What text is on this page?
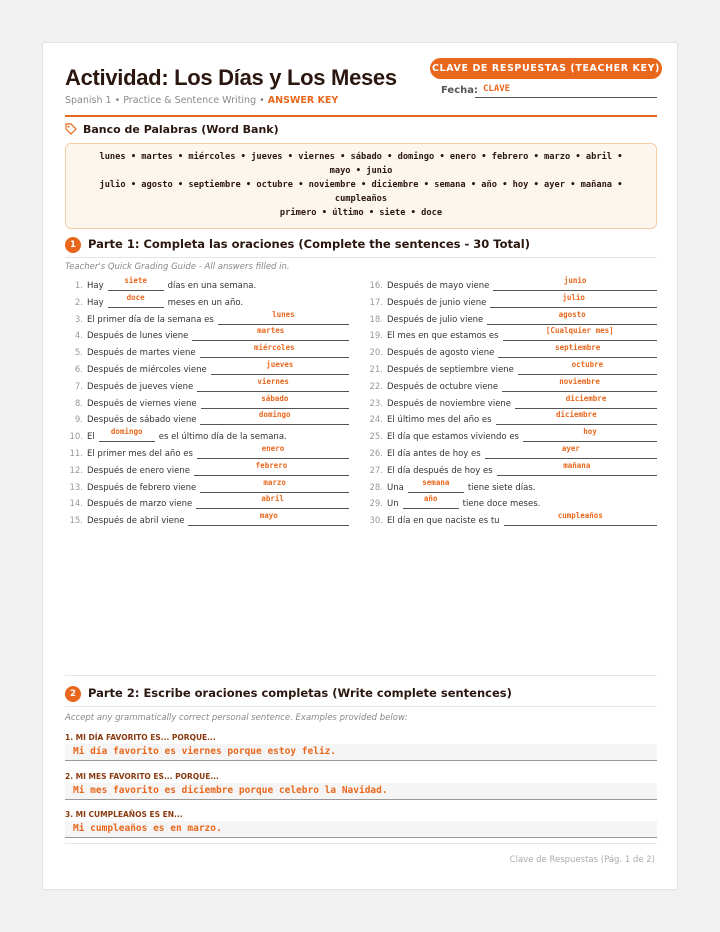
Actividad: Los Días y Los Meses
Spanish 1 • Practice & Sentence Writing • ANSWER KEY
CLAVE DE RESPUESTAS (TEACHER KEY)
Fecha: CLAVE
Banco de Palabras (Word Bank)
lunes • martes • miércoles • jueves • viernes • sábado • domingo • enero • febrero • marzo • abril •
mayo • junio
julio • agosto • septiembre • octubre • noviembre • diciembre • semana • año • hoy • ayer • mañana •
cumpleaños
primero • último • siete • doce
1 Parte 1: Completa las oraciones (Complete the sentences - 30 Total)
Teacher's Quick Grading Guide - All answers filled in.
1. Hay
siete
días en una semana.
2. Hay
doce
meses en un año.
3. El primer día de la semana es
lunes
4. Después de lunes viene
martes
5. Después de martes viene
miércoles
6. Después de miércoles viene
jueves
7. Después de jueves viene
viernes
8. Después de viernes viene
sábado
9. Después de sábado viene
domingo
10. El
domingo
es el último día de la semana.
11. El primer mes del año es
enero
12. Después de enero viene
febrero
13. Después de febrero viene
marzo
14. Después de marzo viene
abril
15. Después de abril viene
mayo
16. Después de mayo viene
junio
17. Después de junio viene
julio
18. Después de julio viene
agosto
19. El mes en que estamos es
[Cualquier mes]
20. Después de agosto viene
septiembre
21. Después de septiembre viene
octubre
22. Después de octubre viene
noviembre
23. Después de noviembre viene
diciembre
24. El último mes del año es
diciembre
25. El día que estamos viviendo es
hoy
26. El día antes de hoy es
ayer
27. El día después de hoy es
mañana
28. Una
semana
tiene siete días.
29. Un
año
tiene doce meses.
30. El día en que naciste es tu
cumpleaños
2 Parte 2: Escribe oraciones completas (Write complete sentences)
Accept any grammatically correct personal sentence. Examples provided below:
1. MI DÍA FAVORITO ES... PORQUE...
Mi día favorito es viernes porque estoy feliz.
2. MI MES FAVORITO ES... PORQUE...
Mi mes favorito es diciembre porque celebro la Navidad.
3. MI CUMPLEAÑOS ES EN...
Mi cumpleaños es en marzo.
Clave de Respuestas (Pág. 1 de 2)
